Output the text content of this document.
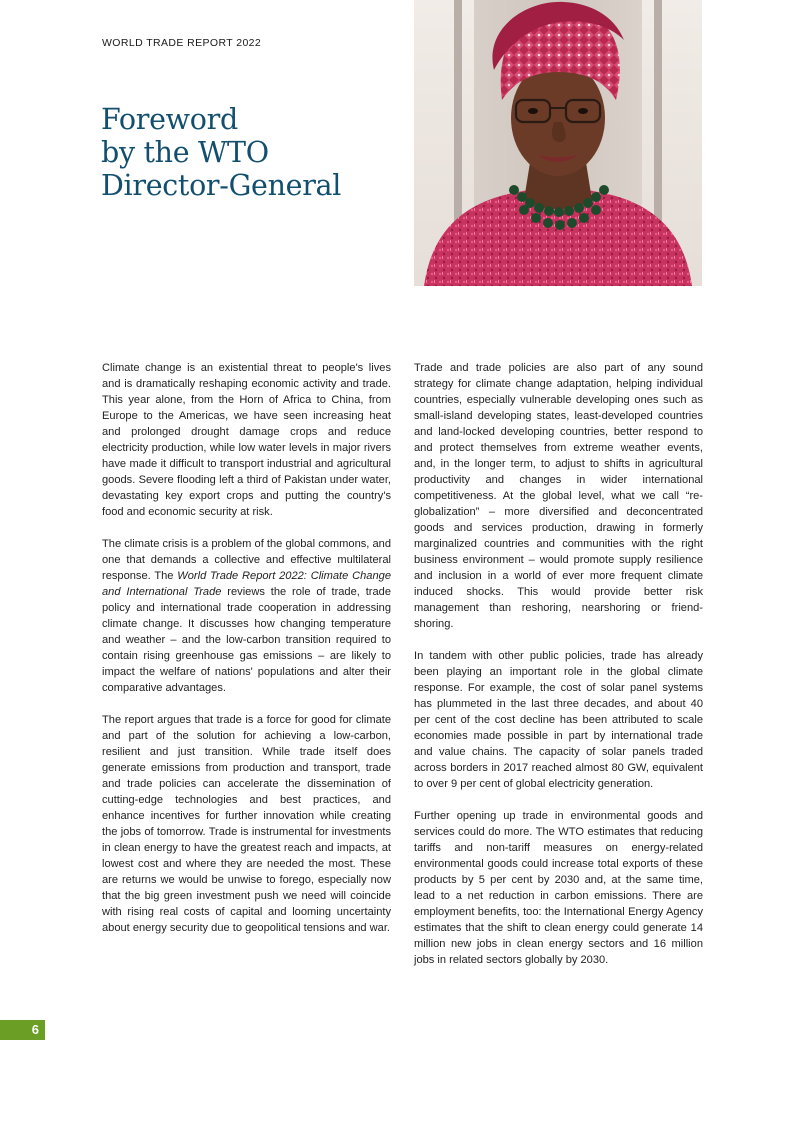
WORLD TRADE REPORT 2022
Foreword
by the WTO
Director-General

Climate change is an existential threat to people's lives and is dramatically reshaping economic activity and trade. This year alone, from the Horn of Africa to China, from Europe to the Americas, we have seen increasing heat and prolonged drought damage crops and reduce electricity production, while low water levels in major rivers have made it difficult to transport industrial and agricultural goods. Severe flooding left a third of Pakistan under water, devastating key export crops and putting the country's food and economic security at risk.

The climate crisis is a problem of the global commons, and one that demands a collective and effective multilateral response. The World Trade Report 2022: Climate Change and International Trade reviews the role of trade, trade policy and international trade cooperation in addressing climate change. It discusses how changing temperature and weather – and the low-carbon transition required to contain rising greenhouse gas emissions – are likely to impact the welfare of nations' populations and alter their comparative advantages.

The report argues that trade is a force for good for climate and part of the solution for achieving a low-carbon, resilient and just transition. While trade itself does generate emissions from production and transport, trade and trade policies can accelerate the dissemination of cutting-edge technologies and best practices, and enhance incentives for further innovation while creating the jobs of tomorrow. Trade is instrumental for investments in clean energy to have the greatest reach and impacts, at lowest cost and where they are needed the most. These are returns we would be unwise to forego, especially now that the big green investment push we need will coincide with rising real costs of capital and looming uncertainty about energy security due to geopolitical tensions and war.

Trade and trade policies are also part of any sound strategy for climate change adaptation, helping individual countries, especially vulnerable developing ones such as small-island developing states, least-developed countries and land-locked developing countries, better respond to and protect themselves from extreme weather events, and, in the longer term, to adjust to shifts in agricultural productivity and changes in wider international competitiveness. At the global level, what we call “re-globalization” – more diversified and deconcentrated goods and services production, drawing in formerly marginalized countries and communities with the right business environment – would promote supply resilience and inclusion in a world of ever more frequent climate induced shocks. This would provide better risk management than reshoring, nearshoring or friend-shoring.

In tandem with other public policies, trade has already been playing an important role in the global climate response. For example, the cost of solar panel systems has plummeted in the last three decades, and about 40 per cent of the cost decline has been attributed to scale economies made possible in part by international trade and value chains. The capacity of solar panels traded across borders in 2017 reached almost 80 GW, equivalent to over 9 per cent of global electricity generation.

Further opening up trade in environmental goods and services could do more. The WTO estimates that reducing tariffs and non-tariff measures on energy-related environmental goods could increase total exports of these products by 5 per cent by 2030 and, at the same time, lead to a net reduction in carbon emissions. There are employment benefits, too: the International Energy Agency estimates that the shift to clean energy could generate 14 million new jobs in clean energy sectors and 16 million jobs in related sectors globally by 2030.

6
